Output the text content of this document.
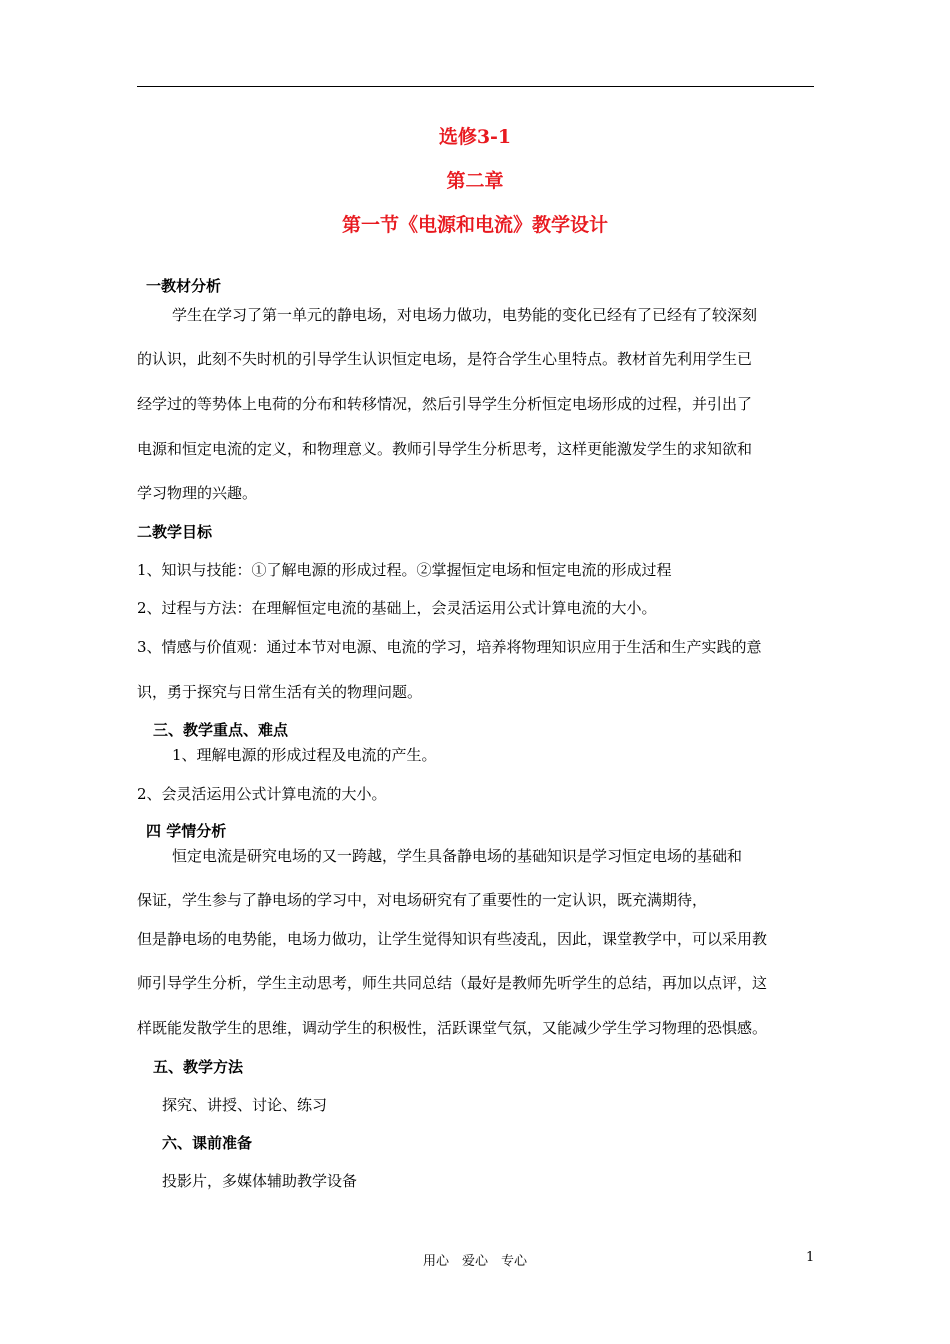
选修3-1
第二章
第一节《电源和电流》教学设计
一教材分析
学生在学习了第一单元的静电场，对电场力做功，电势能的变化已经有了已经有了较深刻
的认识，此刻不失时机的引导学生认识恒定电场，是符合学生心里特点。教材首先利用学生已
经学过的等势体上电荷的分布和转移情况，然后引导学生分析恒定电场形成的过程，并引出了
电源和恒定电流的定义，和物理意义。教师引导学生分析思考，这样更能激发学生的求知欲和
学习物理的兴趣。
二教学目标
1、知识与技能：①了解电源的形成过程。②掌握恒定电场和恒定电流的形成过程
2、过程与方法：在理解恒定电流的基础上，会灵活运用公式计算电流的大小。
3、情感与价值观：通过本节对电源、电流的学习，培养将物理知识应用于生活和生产实践的意
识，勇于探究与日常生活有关的物理问题。
三、教学重点、难点
1、理解电源的形成过程及电流的产生。
2、会灵活运用公式计算电流的大小。
四 学情分析
恒定电流是研究电场的又一跨越，学生具备静电场的基础知识是学习恒定电场的基础和
保证，学生参与了静电场的学习中，对电场研究有了重要性的一定认识，既充满期待，
但是静电场的电势能，电场力做功，让学生觉得知识有些凌乱，因此，课堂教学中，可以采用教
师引导学生分析，学生主动思考，师生共同总结（最好是教师先听学生的总结，再加以点评，这
样既能发散学生的思维，调动学生的积极性，活跃课堂气氛，又能减少学生学习物理的恐惧感。
五、教学方法
探究、讲授、讨论、练习
六、课前准备
投影片，多媒体辅助教学设备
用心　爱心　专心	1
